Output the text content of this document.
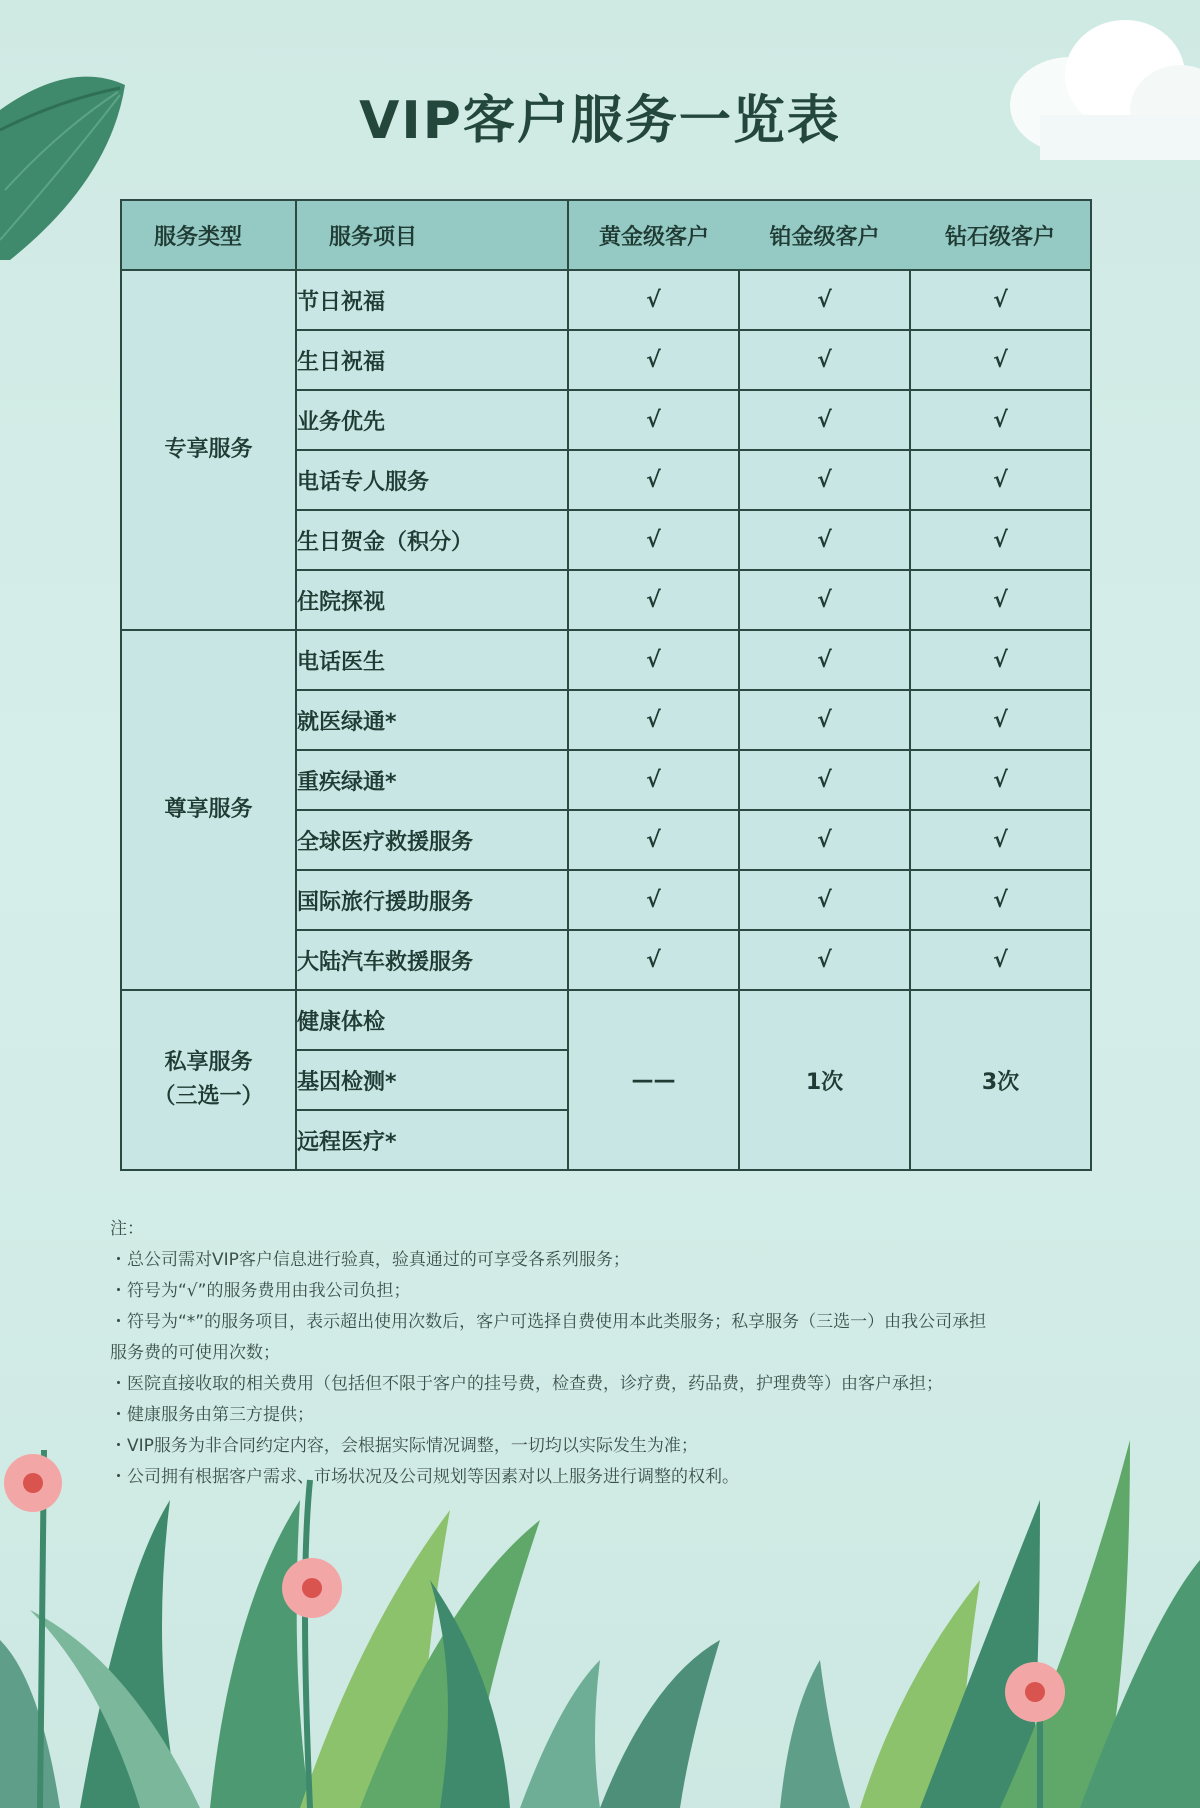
VIP客户服务一览表
服务类型	服务项目	黄金级客户	铂金级客户	钻石级客户
专享服务	节日祝福	√	√	√
	生日祝福	√	√	√
	业务优先	√	√	√
	电话专人服务	√	√	√
	生日贺金（积分）	√	√	√
	住院探视	√	√	√
尊享服务	电话医生	√	√	√
	就医绿通*	√	√	√
	重疾绿通*	√	√	√
	全球医疗救援服务	√	√	√
	国际旅行援助服务	√	√	√
	大陆汽车救援服务	√	√	√
私享服务
（三选一）	健康体检	——	1次	3次
	基因检测*			
	远程医疗*			
注：
・总公司需对VIP客户信息进行验真，验真通过的可享受各系列服务；
・符号为“√”的服务费用由我公司负担；
・符号为“*”的服务项目，表示超出使用次数后，客户可选择自费使用本此类服务；私享服务（三选一）由我公司承担
服务费的可使用次数；
・医院直接收取的相关费用（包括但不限于客户的挂号费，检查费，诊疗费，药品费，护理费等）由客户承担；
・健康服务由第三方提供；
・VIP服务为非合同约定内容，会根据实际情况调整，一切均以实际发生为准；
・公司拥有根据客户需求、市场状况及公司规划等因素对以上服务进行调整的权利。
